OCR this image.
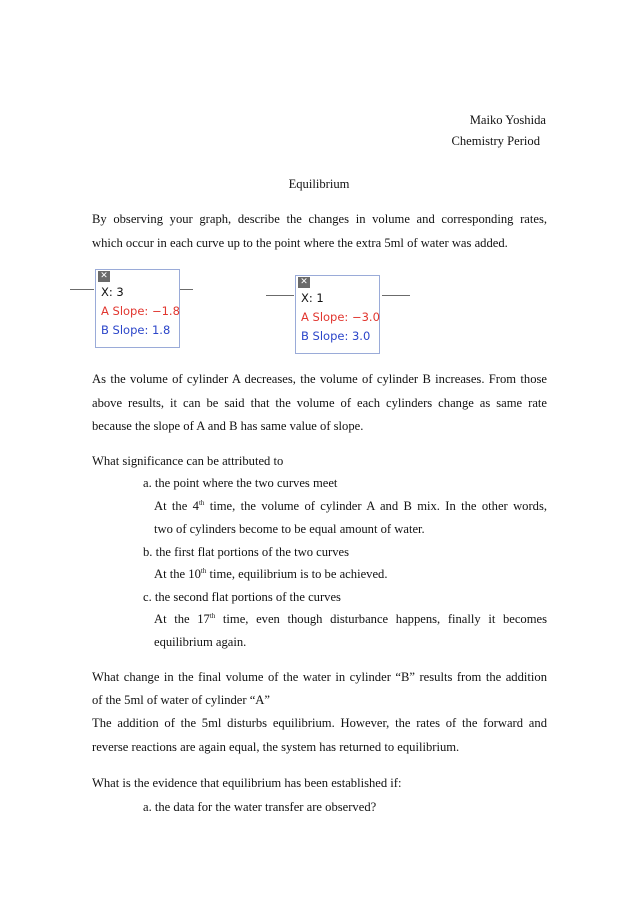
Maiko Yoshida
Chemistry Period
Equilibrium
By observing your graph, describe the changes in volume and corresponding rates,
which occur in each curve up to the point where the extra 5ml of water was added.
✕
X: 3
A Slope: −1.8
B Slope: 1.8
✕
X: 1
A Slope: −3.0
B Slope: 3.0
As the volume of cylinder A decreases, the volume of cylinder B increases. From those
above results, it can be said that the volume of each cylinders change as same rate
because the slope of A and B has same value of slope.
What significance can be attributed to
a. the point where the two curves meet
At the 4th time, the volume of cylinder A and B mix. In the other words,
two of cylinders become to be equal amount of water.
b. the first flat portions of the two curves
At the 10th time, equilibrium is to be achieved.
c. the second flat portions of the curves
At the 17th time, even though disturbance happens, finally it becomes
equilibrium again.
What change in the final volume of the water in cylinder “B” results from the addition
of the 5ml of water of cylinder “A”
The addition of the 5ml disturbs equilibrium. However, the rates of the forward and
reverse reactions are again equal, the system has returned to equilibrium.
What is the evidence that equilibrium has been established if:
a. the data for the water transfer are observed?
